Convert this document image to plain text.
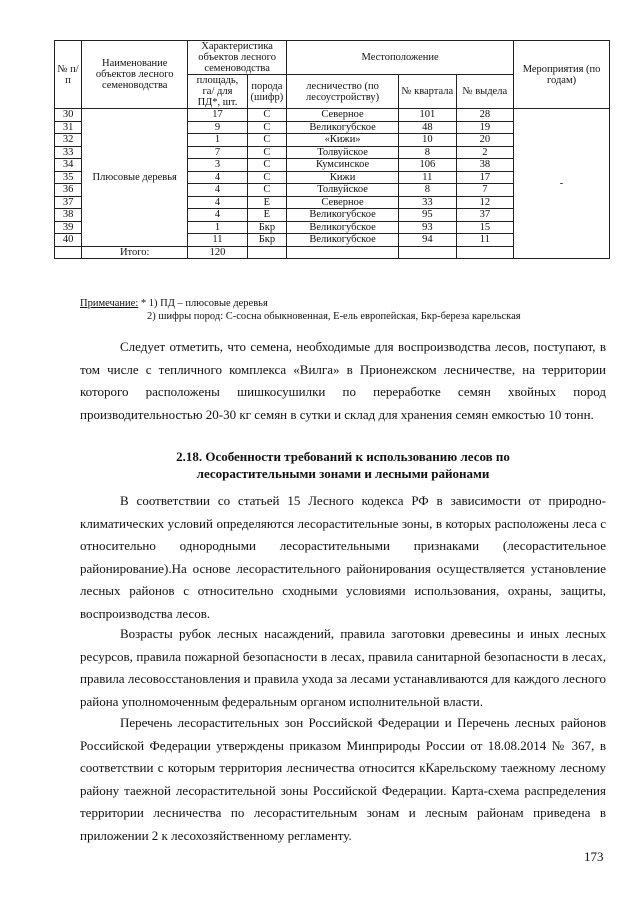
№ п/п	Наименование объектов лесного семеноводства	Характеристика объектов лесного семеноводства		Местоположение			Мероприятия (по годам)
		площадь, га/ для ПД*, шт.	порода (шифр)	лесничество (по лесоустройству)	№ квартала	№ выдела	
30	Плюсовые деревья	17	С	Северное	101	28	-
31		9	С	Великогубское	48	19	
32		1	С	«Кижи»	10	20	
33		7	С	Толвуйское	8	2	
34		3	С	Кумсинское	106	38	
35		4	С	Кижи	11	17	
36		4	С	Толвуйское	8	7	
37		4	Е	Северное	33	12	
38		4	Е	Великогубское	95	37	
39		1	Бкр	Великогубское	93	15	
40		11	Бкр	Великогубское	94	11	
	Итого:	120					
Примечание: * 1) ПД – плюсовые деревья
2) шифры пород: С-сосна обыкновенная, Е-ель европейская, Бкр-береза карельская
Следует отметить, что семена, необходимые для воспроизводства лесов, поступают, в том числе с тепличного комплекса «Вилга» в Прионежском лесничестве, на территории которого расположены шишкосушилки по переработке семян хвойных пород производительностью 20-30 кг семян в сутки и склад для хранения семян емкостью 10 тонн.
2.18. Особенности требований к использованию лесов по
лесорастительными зонами и лесными районами
В соответствии со статьей 15 Лесного кодекса РФ в зависимости от природно-климатических условий определяются лесорастительные зоны, в которых расположены леса с относительно однородными лесорастительными признаками (лесорастительное районирование).На основе лесорастительного районирования осуществляется установление лесных районов с относительно сходными условиями использования, охраны, защиты, воспроизводства лесов.
Возрасты рубок лесных насаждений, правила заготовки древесины и иных лесных ресурсов, правила пожарной безопасности в лесах, правила санитарной безопасности в лесах, правила лесовосстановления и правила ухода за лесами устанавливаются для каждого лесного района уполномоченным федеральным органом исполнительной власти.
Перечень лесорастительных зон Российской Федерации и Перечень лесных районов Российской Федерации утверждены приказом Минприроды России от 18.08.2014 № 367, в соответствии с которым территория лесничества относится кКарельскому таежному лесному району таежной лесорастительной зоны Российской Федерации. Карта-схема распределения территории лесничества по лесорастительным зонам и лесным районам приведена в приложении 2 к лесохозяйственному регламенту.
173
